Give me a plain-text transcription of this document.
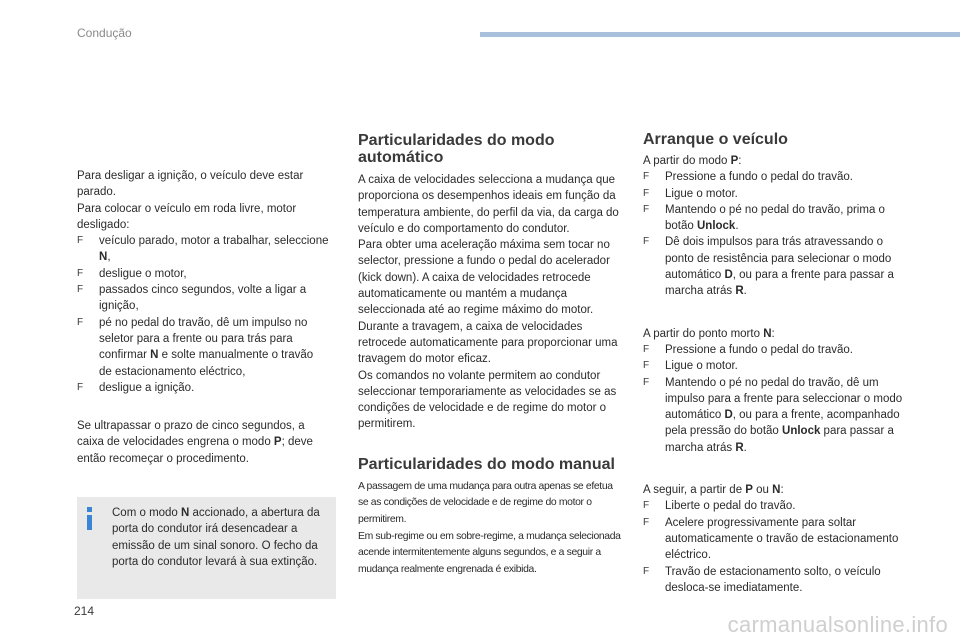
Condução

Para desligar a ignição, o veículo deve estar parado.

Para colocar o veículo em roda livre, motor desligado:

F veículo parado, motor a trabalhar, seleccione N,
F desligue o motor,
F passados cinco segundos, volte a ligar a ignição,
F pé no pedal do travão, dê um impulso no seletor para a frente ou para trás para confirmar N e solte manualmente o travão de estacionamento eléctrico,
F desligue a ignição.

Se ultrapassar o prazo de cinco segundos, a caixa de velocidades engrena o modo P; deve então recomeçar o procedimento.

Com o modo N accionado, a abertura da porta do condutor irá desencadear a emissão de um sinal sonoro. O fecho da porta do condutor levará à sua extinção.

Particularidades do modo automático

A caixa de velocidades selecciona a mudança que proporciona os desempenhos ideais em função da temperatura ambiente, do perfil da via, da carga do veículo e do comportamento do condutor.

Para obter uma aceleração máxima sem tocar no selector, pressione a fundo o pedal do acelerador (kick down). A caixa de velocidades retrocede automaticamente ou mantém a mudança seleccionada até ao regime máximo do motor.

Durante a travagem, a caixa de velocidades retrocede automaticamente para proporcionar uma travagem do motor eficaz.

Os comandos no volante permitem ao condutor seleccionar temporariamente as velocidades se as condições de velocidade e de regime do motor o permitirem.

Particularidades do modo manual

A passagem de uma mudança para outra apenas se efetua se as condições de velocidade e de regime do motor o permitirem.

Em sub-regime ou em sobre-regime, a mudança selecionada acende intermitentemente alguns segundos, e a seguir a mudança realmente engrenada é exibida.

Arranque o veículo

A partir do modo P:

F Pressione a fundo o pedal do travão.
F Ligue o motor.
F Mantendo o pé no pedal do travão, prima o botão Unlock.
F Dê dois impulsos para trás atravessando o ponto de resistência para selecionar o modo automático D, ou para a frente para passar a marcha atrás R.

A partir do ponto morto N:

F Pressione a fundo o pedal do travão.
F Ligue o motor.
F Mantendo o pé no pedal do travão, dê um impulso para a frente para seleccionar o modo automático D, ou para a frente, acompanhado pela pressão do botão Unlock para passar a marcha atrás R.

A seguir, a partir de P ou N:

F Liberte o pedal do travão.
F Acelere progressivamente para soltar automaticamente o travão de estacionamento eléctrico.
F Travão de estacionamento solto, o veículo desloca-se imediatamente.
214
carmanualsonline.info
